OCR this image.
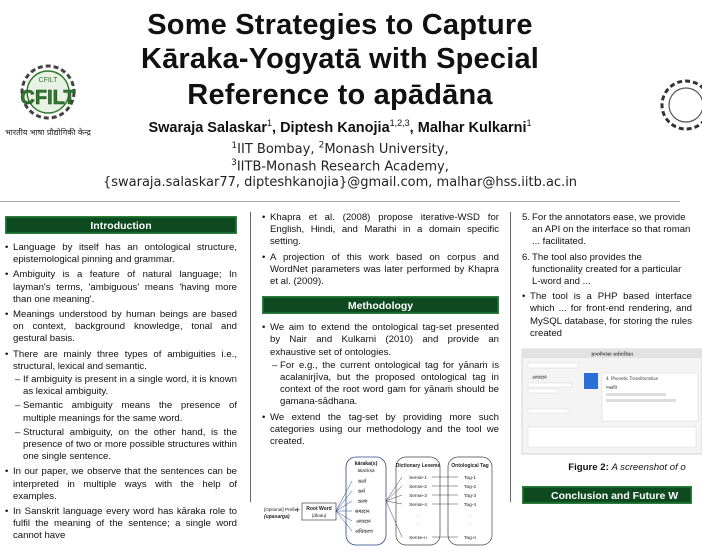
Some Strategies to Capture
Kāraka-Yogyatā with Special
Reference to apādāna
Swaraja Salaskar$^1$, Diptesh Kanojia$^{1,2,3}$, Malhar Kulkarni$^1$
$^1$IIT Bombay, $^2$Monash University,
$^3$IITB-Monash Research Academy,
{swaraja.salaskar77, dipteshkanojia}@gmail.com, malhar@hss.iitb.ac.in
CFILT
CFILT
भारतीय भाषा प्रौद्योगिकी केन्द्र
Introduction
• Language by itself has an ontological structure, epistemological pinning and grammar.
• Ambiguity is a feature of natural language; In layman's terms, 'ambiguous' means 'having more than one meaning'.
• Meanings understood by human beings are based on context, background knowledge, tonal and gestural basis.
• There are mainly three types of ambiguities i.e., structural, lexical and semantic.
– If ambiguity is present in a single word, it is known as lexical ambiguity.
– Semantic ambiguity means the presence of multiple meanings for the same word.
– Structural ambiguity, on the other hand, is the presence of two or more possible structures within one single sentence.
• In our paper, we observe that the sentences can be interpreted in multiple ways with the help of examples.
• In Sanskrit language every word has kāraka role to fulfil the meaning of the sentence; a single word cannot have
• Khapra et al. (2008) propose iterative-WSD for English, Hindi, and Marathi in a domain specific setting.
• A projection of this work based on corpus and WordNet parameters was later performed by Khapra et al. (2009).
Methodology
• We aim to extend the ontological tag-set presented by Nair and Kulkarni (2010) and provide an exhaustive set of ontologies.
– For e.g., the current ontological tag for yānaṁ is acalanirjīva, but the proposed ontological tag in context of the root word gam for yānaṁ should be gamana-sādhana.
• We extend the tag-set by providing more such categories using our methodology and the tool we created.
[Optional] Prefix
(upasarga)
+ Root Word
(dhatu)
kāraka(s)
ākāṅkṣā
कर्ता
कर्म
करण
सम्प्रदान
अपादान
अधिकरण
Dictionary Lexeme
Sense-1
Sense-2
Sense-3
Sense-4
·
·
Sense-n
Ontological Tag
Tag-1
Tag-2
Tag-3
Tag-4
·
·
Tag-n
5. For the annotators ease, we provide an API on the interface so that roman ... facilitated.
6. The tool also provides the functionality created for a particular L-word and ...
• The tool is a PHP based interface which ... for front-end rendering, and MySQL database, for storing the rules created
ज्ञानमीमांसा सर्वमात्रिका
अपादानं	4. Phonetic Transliteration
गच्छति
Figure 2: A screenshot of o
Conclusion and Future W
